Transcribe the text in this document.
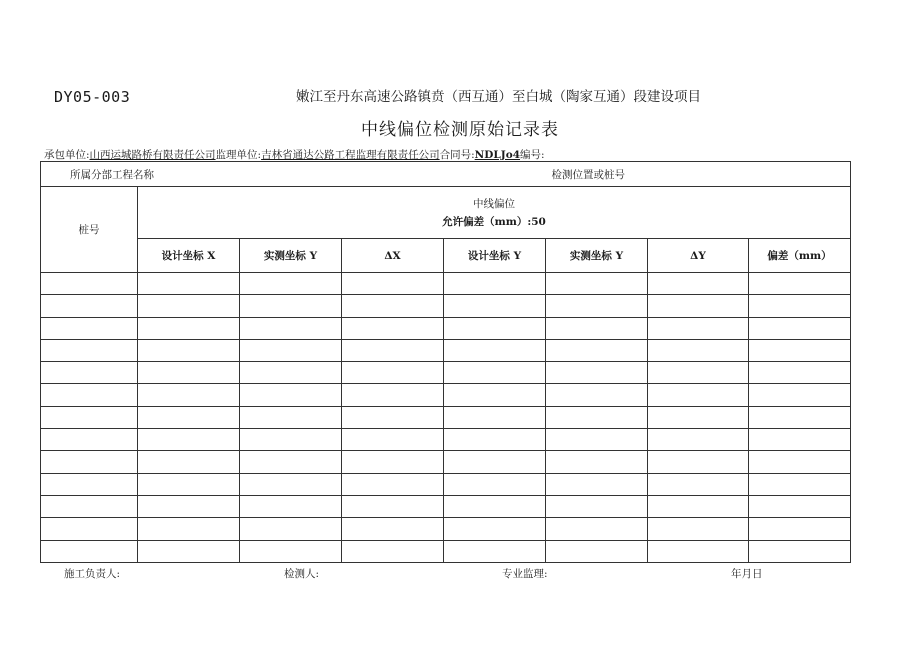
DY05-003	嫩江至丹东高速公路镇贲（西互通）至白城（陶家互通）段建设项目
中线偏位检测原始记录表
承包单位:山西运城路桥有限责任公司监理单位:吉林省通达公路工程监理有限责任公司合同号:NDLJo4编号:
所属分部工程名称				检测位置或桩号			
桩号	中线偏位
允许偏差（mm）:50						

	设计坐标 X	实测坐标 Y	ΔX	设计坐标 Y	实测坐标 Y	ΔY	偏差（mm）

施工负责人:	检测人:	专业监理:	年月日
